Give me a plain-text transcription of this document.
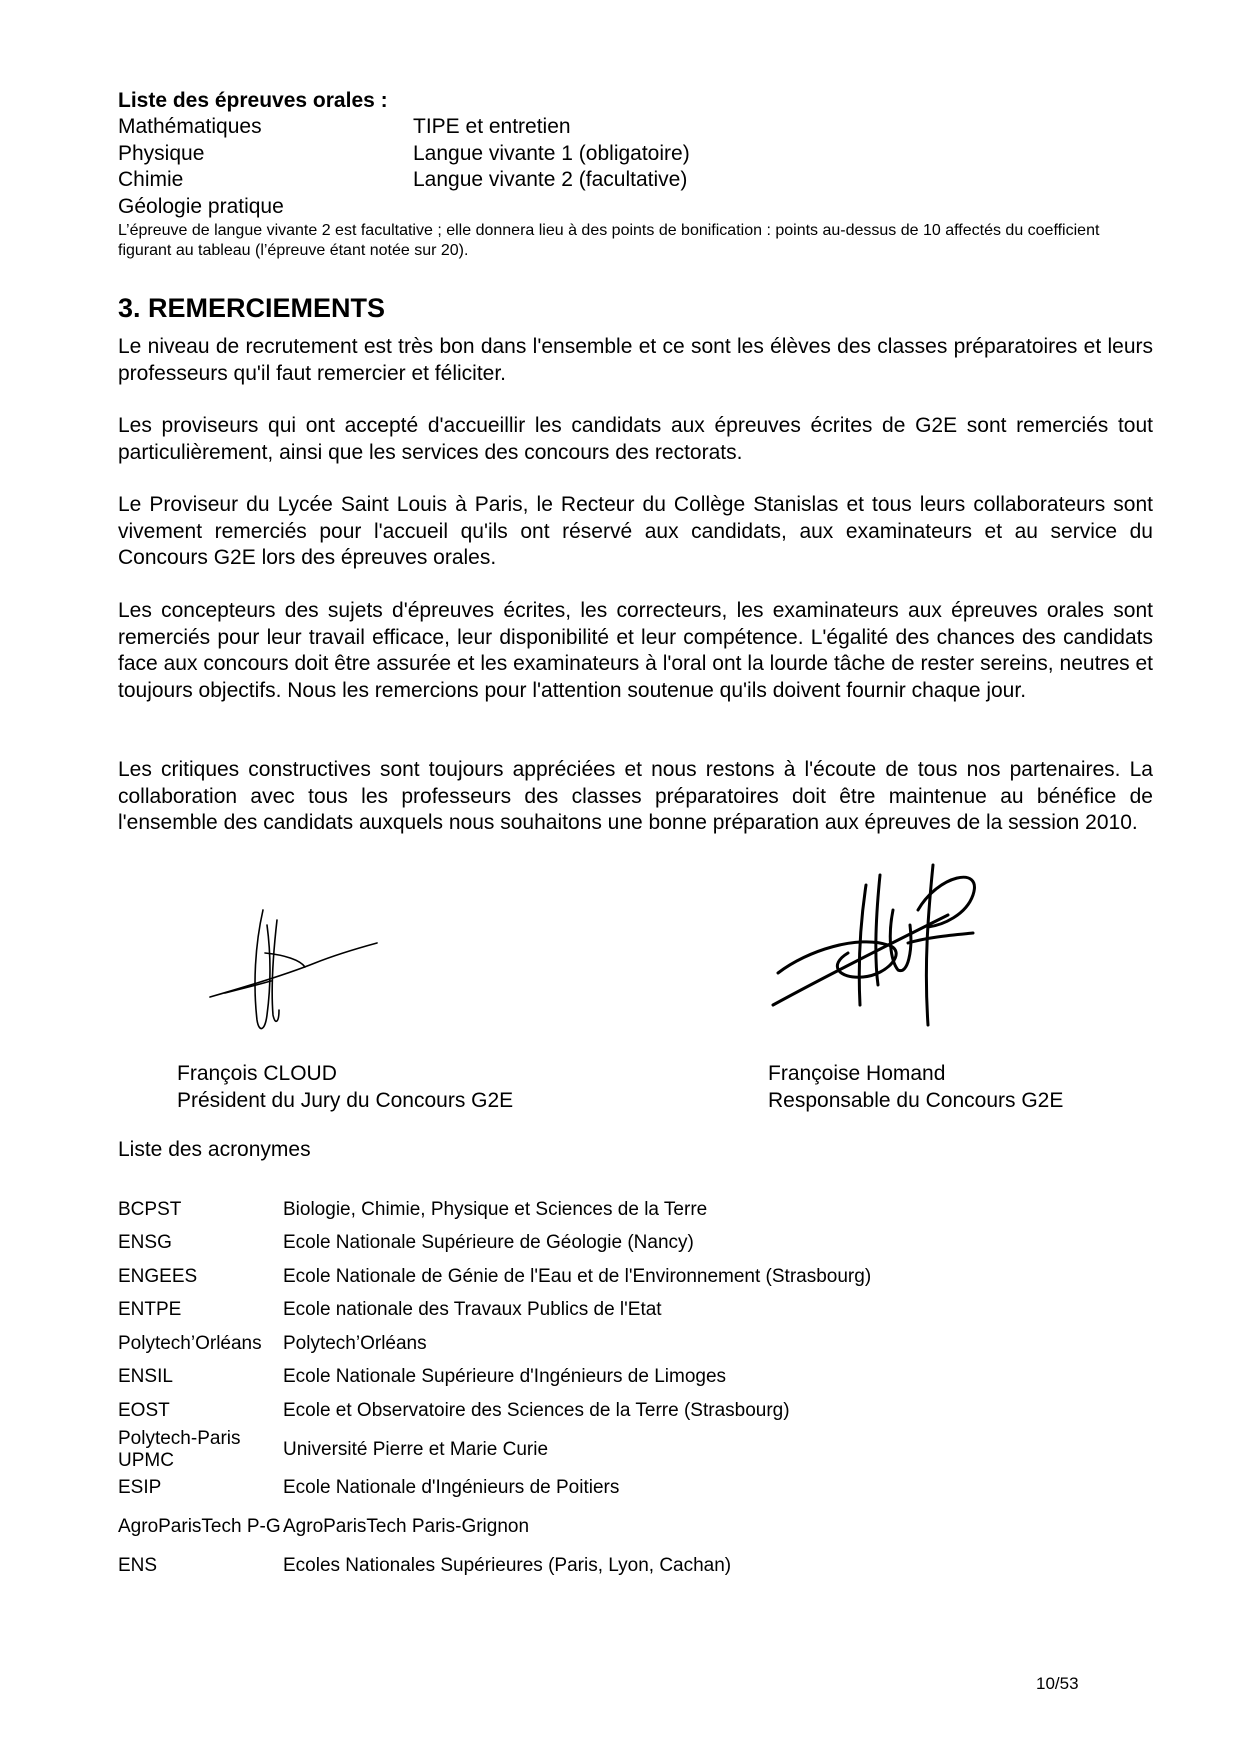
Liste des épreuves orales :
Mathématiques	TIPE et entretien
Physique	Langue vivante 1 (obligatoire)
Chimie	Langue vivante 2 (facultative)
Géologie pratique
L’épreuve de langue vivante 2 est facultative ; elle donnera lieu à des points de bonification : points au-dessus de 10 affectés du coefficient figurant au tableau (l’épreuve étant notée sur 20).
3. REMERCIEMENTS

Le niveau de recrutement est très bon dans l'ensemble et ce sont les élèves des classes préparatoires et leurs professeurs qu'il faut remercier et féliciter.

Les proviseurs qui ont accepté d'accueillir les candidats aux épreuves écrites de G2E sont remerciés tout particulièrement, ainsi que les services des concours des rectorats.

Le Proviseur du Lycée Saint Louis à Paris, le Recteur du Collège Stanislas et tous leurs collaborateurs sont vivement remerciés pour l'accueil qu'ils ont réservé aux candidats, aux examinateurs et au service du Concours G2E lors des épreuves orales.

Les concepteurs des sujets d'épreuves écrites, les correcteurs, les examinateurs aux épreuves orales sont remerciés pour leur travail efficace, leur disponibilité et leur compétence. L'égalité des chances des candidats face aux concours doit être assurée et les examinateurs à l'oral ont la lourde tâche de rester sereins, neutres et toujours objectifs. Nous les remercions pour l'attention soutenue qu'ils doivent fournir chaque jour.

Les critiques constructives sont toujours appréciées et nous restons à l'écoute de tous nos partenaires. La collaboration avec tous les professeurs des classes préparatoires doit être maintenue au bénéfice de l'ensemble des candidats auxquels nous souhaitons une bonne préparation aux épreuves de la session 2010.

François CLOUD
Président du Jury du Concours G2E
Françoise Homand
Responsable du Concours G2E
Liste des acronymes
BCPST	Biologie, Chimie, Physique et Sciences de la Terre
ENSG	Ecole Nationale Supérieure de Géologie (Nancy)
ENGEES	Ecole Nationale de Génie de l'Eau et de l'Environnement (Strasbourg)
ENTPE	Ecole nationale des Travaux Publics de l'Etat
Polytech’Orléans	Polytech’Orléans
ENSIL	Ecole Nationale Supérieure d'Ingénieurs de Limoges
EOST	Ecole et Observatoire des Sciences de la Terre (Strasbourg)
Polytech-Paris UPMC	Université Pierre et Marie Curie
ESIP	Ecole Nationale d'Ingénieurs de Poitiers
AgroParisTech P-G	AgroParisTech Paris-Grignon
ENS	Ecoles Nationales Supérieures (Paris, Lyon, Cachan)
10/53
